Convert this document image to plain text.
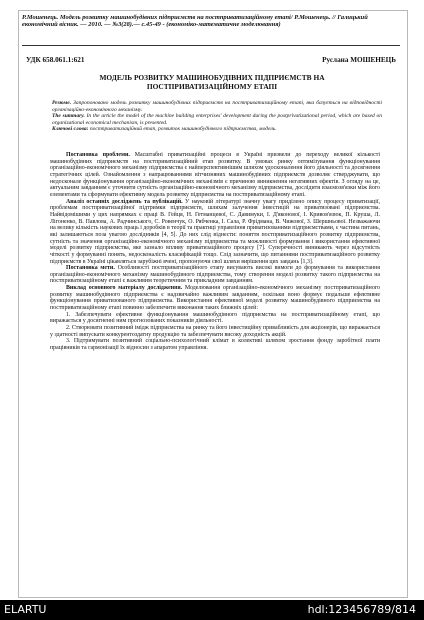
Р.Мошенець. Модель розвитку машинобудівних підприємств на постприватизаційному етапі/ Р.Мошенець. // Галицький економічний вісник. — 2010. — №3(28).— с.45-49 - (економіко-математичне моделювання)
УДК 658.061.1:621	Руслана МОШЕНЕЦЬ
МОДЕЛЬ РОЗВИТКУ МАШИНОБУДІВНИХ ПІДПРИЄМСТВ НА ПОСТПРИВАТИЗАЦІЙНОМУ ЕТАПІ
Резюме. Запропоновано модель розвитку машинобудівних підприємств на постприватизаційному етапі, яка базується на відповідності організаційно-економічного механізму.
The summary. In the article the model of the machine building enterprises' development during the postprivatizational period, which are based on organizational economical mechanism, is presented.
Ключові слова: постприватизаційний етап, розвиток машинобудівного підприємства, модель.

Постановка проблеми. Масштабні приватизаційні процеси в Україні призвели до переходу великої кількості машинобудівних підприємств на постприватизаційний етап розвитку. В умовах ринку оптимізування функціонування організаційно-економічного механізму підприємства є найперспективнішим шляхом удосконалення його діяльності та досягнення стратегічних цілей. Ознайомлення з напрацюваннями вітчизняних машинобудівних підприємств дозволяє стверджувати, що недосконале функціонування організаційно-економічних механізмів є причиною виникнення негативних ефектів. З огляду на це, актуальним завданням є уточнити сутність організаційно-економічного механізму підприємства, дослідити взаємозв'язки між його елементами та сформувати ефективну модель розвитку підприємства на постприватизаційному етапі.

Аналіз останніх досліджень та публікацій. У науковій літературі значну увагу приділено опису процесу приватизації, проблемам постприватизаційної підтримки підприємств, шляхам залучення інвестицій на приватизовані підприємства. Найвідомішими у цих напрямках є праці В. Гейця, Н. Гетманцевої, С. Давимуки, І. Д'яконової, І. Кривов'язюк, П. Круша, Л. Лігоненко, В. Павлова, А. Радчинського, С. Ровенчук, О. Рябченка, І. Сала, Р. Фрідмана, В. Чижової, З. Шершньової. Незважаючи на велику кількість наукових праць і доробків в теорії та практиці управління приватизованими підприємствами, є частина питань, які залишаються поза увагою дослідників [4, 5]. До них слід віднести: поняття постприватизаційного розвитку підприємства, сутність та значення організаційно-економічного механізму підприємства та можливості формування і використання ефективної моделі розвитку підприємства, яке зазнало впливу приватизаційного процесу [7]. Суперечності виникають через відсутність чіткості у формуванні понять, недосконалість класифікацій тощо. Слід зазначити, що питаннями постприватизаційного розвитку підприємств в Україні цікавляться зарубіжні вчені, пропонуючи свої шляхи вирішення цих завдань [1,3].

Постановка мети. Особливості постприватизаційного етапу висувають високі вимоги до формування та використання організаційно-економічного механізму машинобудівного підприємства, тому створення моделі розвитку такого підприємства на постприватизаційному етапі є важливим теоретичним та прикладним завданням.

Виклад основного матеріалу дослідження. Моделювання організаційно-економічного механізму постприватизаційного розвитку машинобудівного підприємства є надзвичайно важливим завданням, оскільки воно формує подальше ефективне функціонування приватизованого підприємства. Використання ефективної моделі розвитку машинобудівного підприємства на постприватизаційному етапі повинно забезпечити виконання таких ближніх цілей:

1. Забезпечувати ефективне функціонування машинобудівного підприємства на постприватизаційному етапі, що виражається у досягненні ним прогнозованих показників діяльності.

2. Створювати позитивний імідж підприємства на ринку та його інвестиційну привабливість для акціонерів, що виражається у здатності випускати конкурентоздатну продукцію та забезпечувати високу доходність акцій.

3. Підтримувати позитивний соціально-психологічний клімат в колективі шляхом зростання фонду заробітної плати працівників та гармонізації їх відносин з апаратом управління.

ELARTU	hdl:123456789/814
